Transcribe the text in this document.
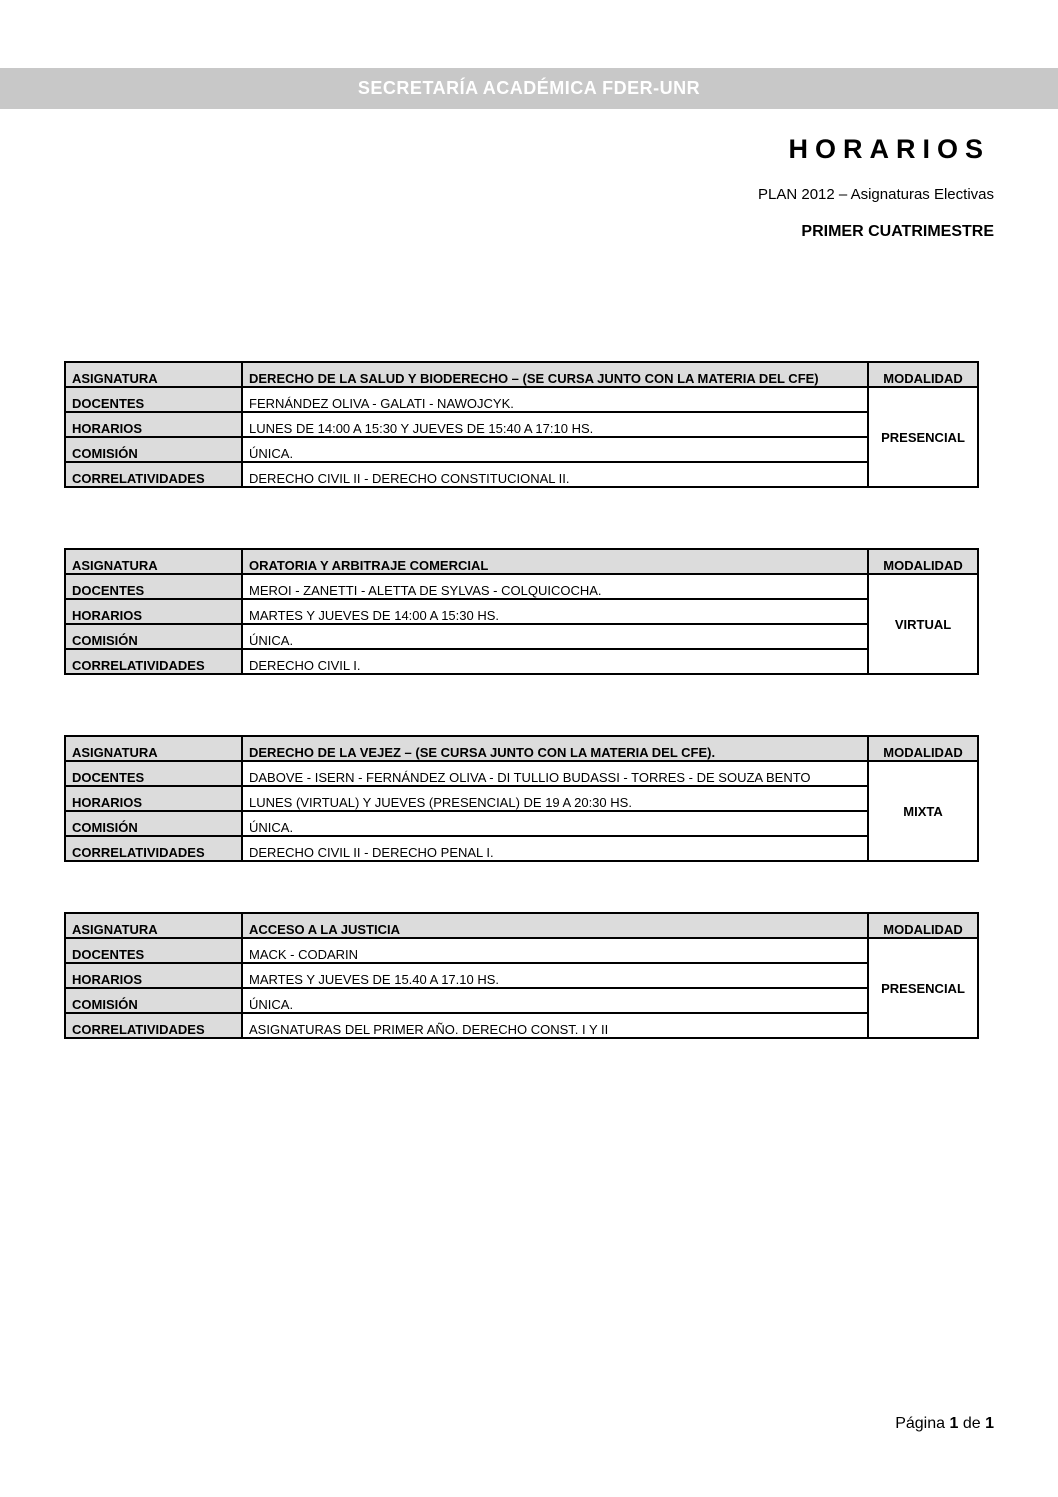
SECRETARÍA ACADÉMICA FDER-UNR
HORARIOS
PLAN 2012 – Asignaturas Electivas
PRIMER CUATRIMESTRE
ASIGNATURA	DERECHO DE LA SALUD Y BIODERECHO – (SE CURSA JUNTO CON LA MATERIA DEL CFE)	MODALIDAD
DOCENTES	FERNÁNDEZ OLIVA - GALATI - NAWOJCYK.	PRESENCIAL
HORARIOS	LUNES DE 14:00 A 15:30 Y JUEVES DE 15:40 A 17:10 HS.	
COMISIÓN	ÚNICA.	
CORRELATIVIDADES	DERECHO CIVIL II - DERECHO CONSTITUCIONAL II.	
ASIGNATURA	ORATORIA Y ARBITRAJE COMERCIAL	MODALIDAD
DOCENTES	MEROI - ZANETTI - ALETTA DE SYLVAS - COLQUICOCHA.	VIRTUAL
HORARIOS	MARTES Y JUEVES DE 14:00 A 15:30 HS.	
COMISIÓN	ÚNICA.	
CORRELATIVIDADES	DERECHO CIVIL I.	
ASIGNATURA	DERECHO DE LA VEJEZ – (SE CURSA JUNTO CON LA MATERIA DEL CFE).	MODALIDAD
DOCENTES	DABOVE - ISERN - FERNÁNDEZ OLIVA - DI TULLIO BUDASSI - TORRES - DE SOUZA BENTO	MIXTA
HORARIOS	LUNES (VIRTUAL) Y JUEVES (PRESENCIAL) DE 19 A 20:30 HS.	
COMISIÓN	ÚNICA.	
CORRELATIVIDADES	DERECHO CIVIL II - DERECHO PENAL I.	
ASIGNATURA	ACCESO A LA JUSTICIA	MODALIDAD
DOCENTES	MACK - CODARIN	PRESENCIAL
HORARIOS	MARTES Y JUEVES DE 15.40 A 17.10 HS.	
COMISIÓN	ÚNICA.	
CORRELATIVIDADES	ASIGNATURAS DEL PRIMER AÑO. DERECHO CONST. I Y II	
Página 1 de 1
